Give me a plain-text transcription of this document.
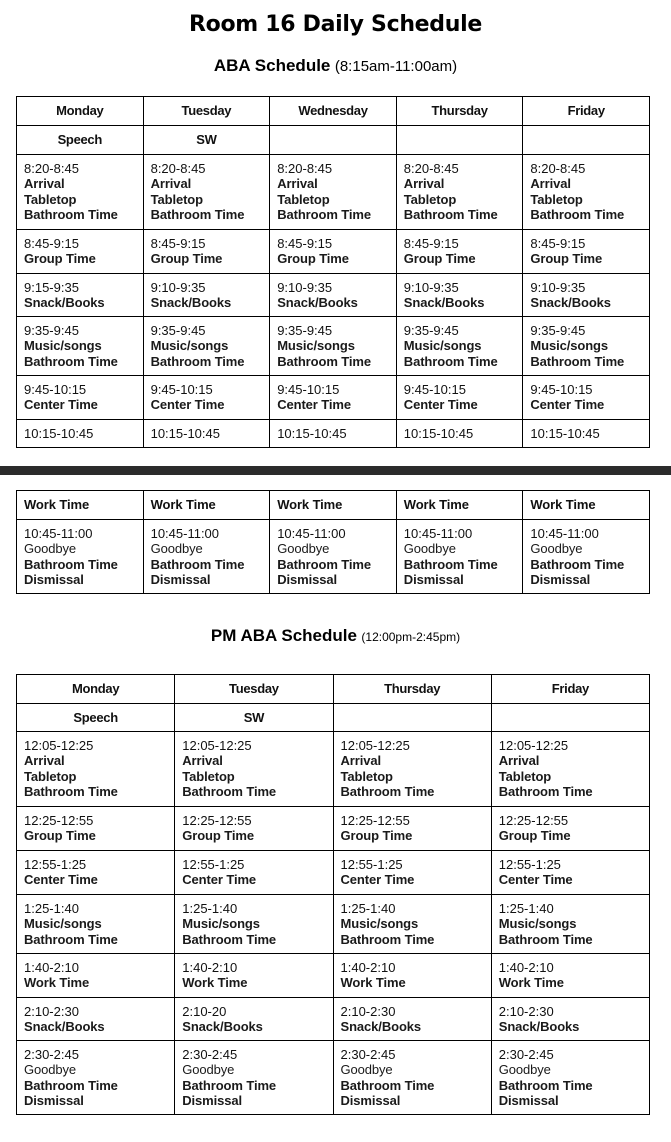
Room 16 Daily Schedule
ABA Schedule (8:15am-11:00am)
Monday	Tuesday	Wednesday	Thursday	Friday
Speech	SW			

8:20-8:45
Arrival
Tabletop
Bathroom Time	8:20-8:45
Arrival
Tabletop
Bathroom Time	8:20-8:45
Arrival
Tabletop
Bathroom Time	8:20-8:45
Arrival
Tabletop
Bathroom Time	8:20-8:45
Arrival
Tabletop
Bathroom Time

8:45-9:15
Group Time	8:45-9:15
Group Time	8:45-9:15
Group Time	8:45-9:15
Group Time	8:45-9:15
Group Time

9:15-9:35
Snack/Books	9:10-9:35
Snack/Books	9:10-9:35
Snack/Books	9:10-9:35
Snack/Books	9:10-9:35
Snack/Books

9:35-9:45
Music/songs
Bathroom Time	9:35-9:45
Music/songs
Bathroom Time	9:35-9:45
Music/songs
Bathroom Time	9:35-9:45
Music/songs
Bathroom Time	9:35-9:45
Music/songs
Bathroom Time

9:45-10:15
Center Time	9:45-10:15
Center Time	9:45-10:15
Center Time	9:45-10:15
Center Time	9:45-10:15
Center Time

10:15-10:45	10:15-10:45	10:15-10:45	10:15-10:45	10:15-10:45
Work Time	Work Time	Work Time	Work Time	Work Time

10:45-11:00
Goodbye
Bathroom Time
Dismissal	10:45-11:00
Goodbye
Bathroom Time
Dismissal	10:45-11:00
Goodbye
Bathroom Time
Dismissal	10:45-11:00
Goodbye
Bathroom Time
Dismissal	10:45-11:00
Goodbye
Bathroom Time
Dismissal
PM ABA Schedule (12:00pm-2:45pm)
Monday	Tuesday	Thursday	Friday
Speech	SW		

12:05-12:25
Arrival
Tabletop
Bathroom Time	12:05-12:25
Arrival
Tabletop
Bathroom Time	12:05-12:25
Arrival
Tabletop
Bathroom Time	12:05-12:25
Arrival
Tabletop
Bathroom Time

12:25-12:55
Group Time	12:25-12:55
Group Time	12:25-12:55
Group Time	12:25-12:55
Group Time

12:55-1:25
Center Time	12:55-1:25
Center Time	12:55-1:25
Center Time	12:55-1:25
Center Time

1:25-1:40
Music/songs
Bathroom Time	1:25-1:40
Music/songs
Bathroom Time	1:25-1:40
Music/songs
Bathroom Time	1:25-1:40
Music/songs
Bathroom Time

1:40-2:10
Work Time	1:40-2:10
Work Time	1:40-2:10
Work Time	1:40-2:10
Work Time

2:10-2:30
Snack/Books	2:10-20
Snack/Books	2:10-2:30
Snack/Books	2:10-2:30
Snack/Books

2:30-2:45
Goodbye
Bathroom Time
Dismissal	2:30-2:45
Goodbye
Bathroom Time
Dismissal	2:30-2:45
Goodbye
Bathroom Time
Dismissal	2:30-2:45
Goodbye
Bathroom Time
Dismissal
